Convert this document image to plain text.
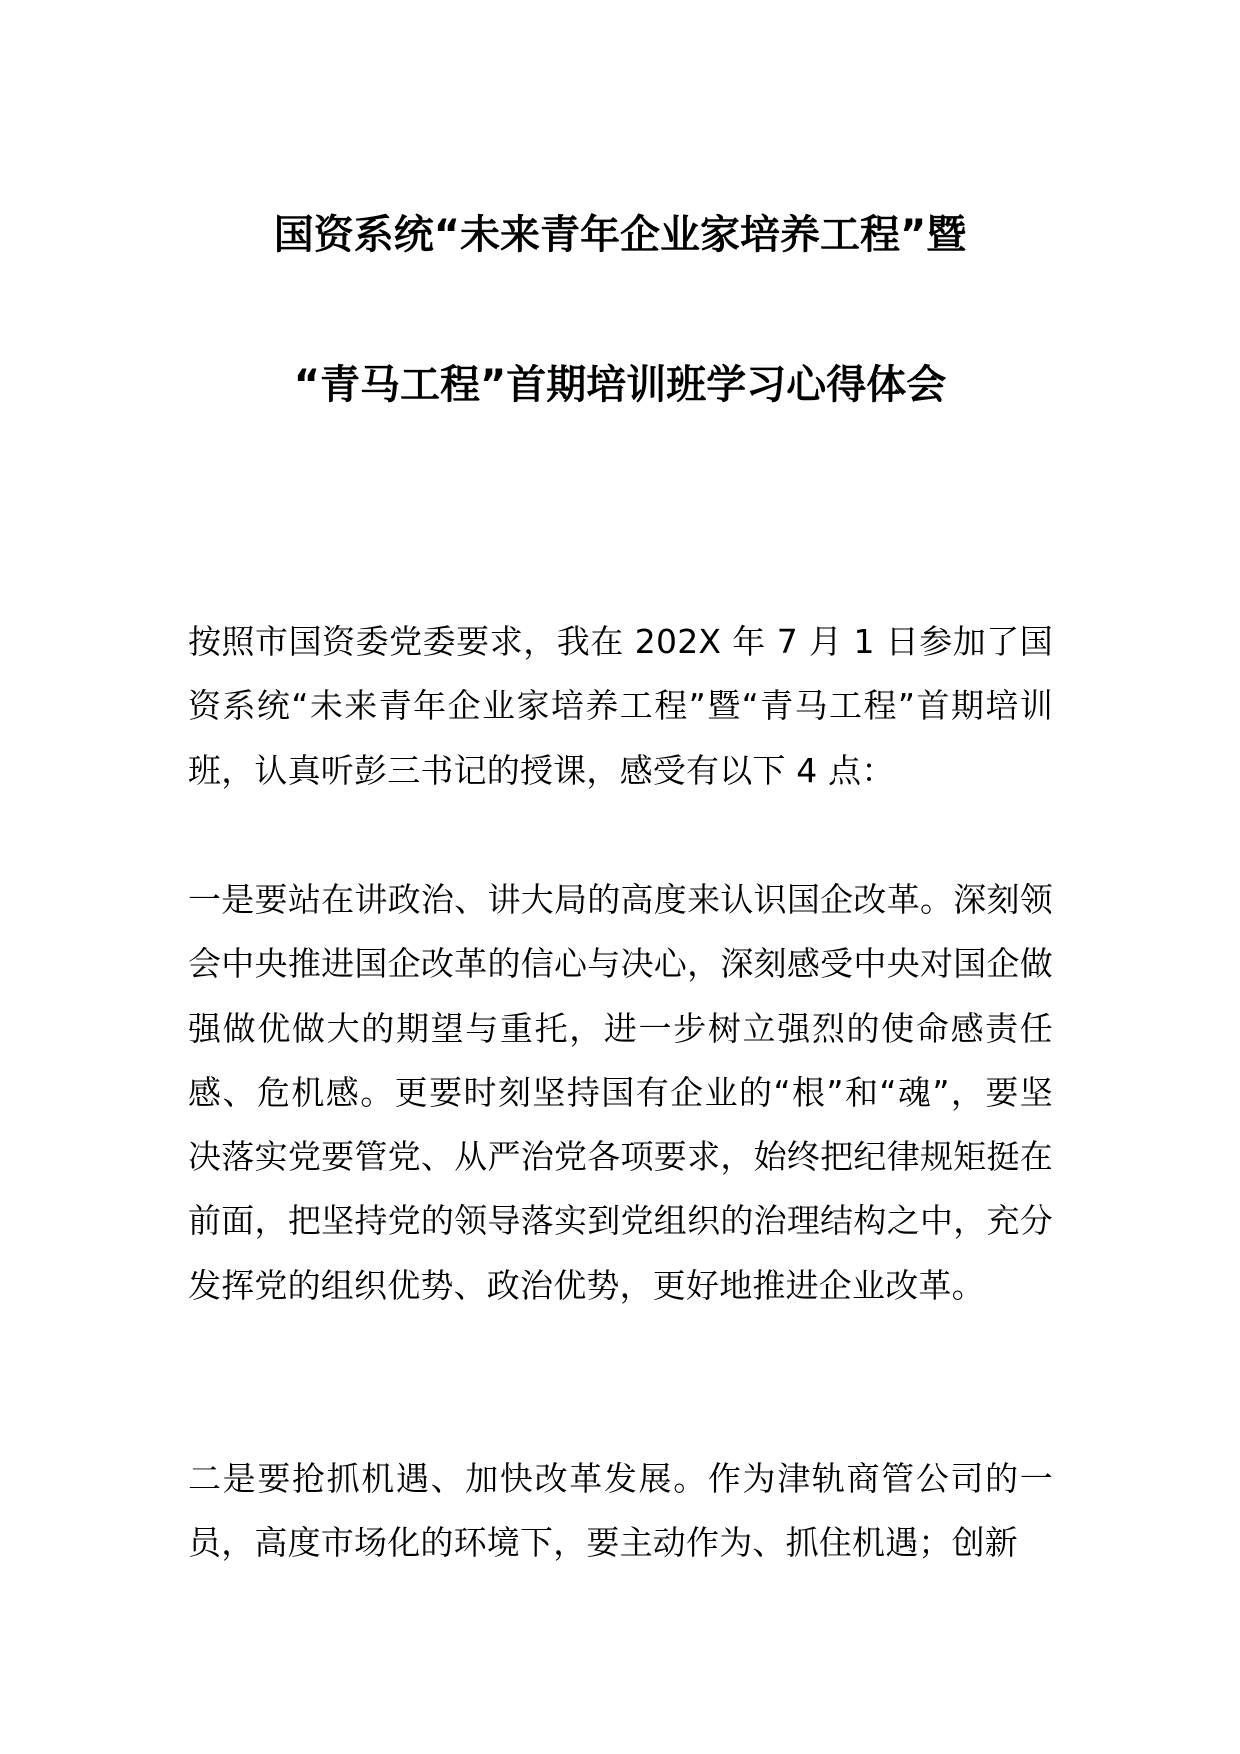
国资系统“未来青年企业家培养工程”暨
“青马工程”首期培训班学习心得体会

按照市国资委党委要求，我在 202X 年 7 月 1 日参加了国资系统“未来青年企业家培养工程”暨“青马工程”首期培训班，认真听彭三书记的授课，感受有以下 4 点：

一是要站在讲政治、讲大局的高度来认识国企改革。深刻领会中央推进国企改革的信心与决心，深刻感受中央对国企做强做优做大的期望与重托，进一步树立强烈的使命感责任感、危机感。更要时刻坚持国有企业的“根”和“魂”，要坚决落实党要管党、从严治党各项要求，始终把纪律规矩挺在前面，把坚持党的领导落实到党组织的治理结构之中，充分发挥党的组织优势、政治优势，更好地推进企业改革。

二是要抢抓机遇、加快改革发展。作为津轨商管公司的一员，高度市场化的环境下，要主动作为、抓住机遇；创新
